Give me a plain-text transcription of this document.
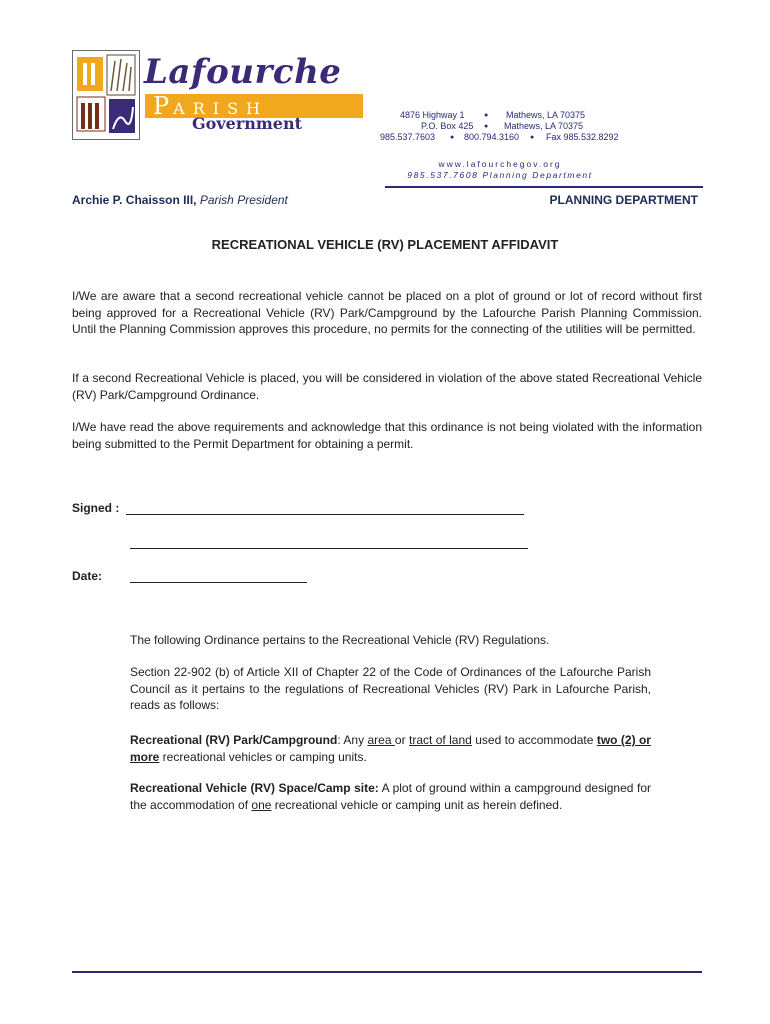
Lafourche
PARISH
Government	4876 Highway 1	● Mathews, LA 70375
P.O. Box 425 ● Mathews, LA 70375
985.537.7603 ● 800.794.3160 ● Fax 985.532.8292
www.lafourchegov.org
985.537.7608 Planning Department
Archie P. Chaisson III, Parish President	PLANNING DEPARTMENT
RECREATIONAL VEHICLE (RV) PLACEMENT AFFIDAVIT
I/We are aware that a second recreational vehicle cannot be placed on a plot of ground or lot of record without first being approved for a Recreational Vehicle (RV) Park/Campground by the Lafourche Parish Planning Commission. Until the Planning Commission approves this procedure, no permits for the connecting of the utilities will be permitted.
If a second Recreational Vehicle is placed, you will be considered in violation of the above stated Recreational Vehicle (RV) Park/Campground Ordinance.
I/We have read the above requirements and acknowledge that this ordinance is not being violated with the information being submitted to the Permit Department for obtaining a permit.
Signed :
Date:
The following Ordinance pertains to the Recreational Vehicle (RV) Regulations.
Section 22-902 (b) of Article XII of Chapter 22 of the Code of Ordinances of the Lafourche Parish Council as it pertains to the regulations of Recreational Vehicles (RV) Park in Lafourche Parish, reads as follows:
Recreational (RV) Park/Campground: Any area or tract of land used to accommodate two (2) or more recreational vehicles or camping units.
Recreational Vehicle (RV) Space/Camp site: A plot of ground within a campground designed for the accommodation of one recreational vehicle or camping unit as herein defined.
